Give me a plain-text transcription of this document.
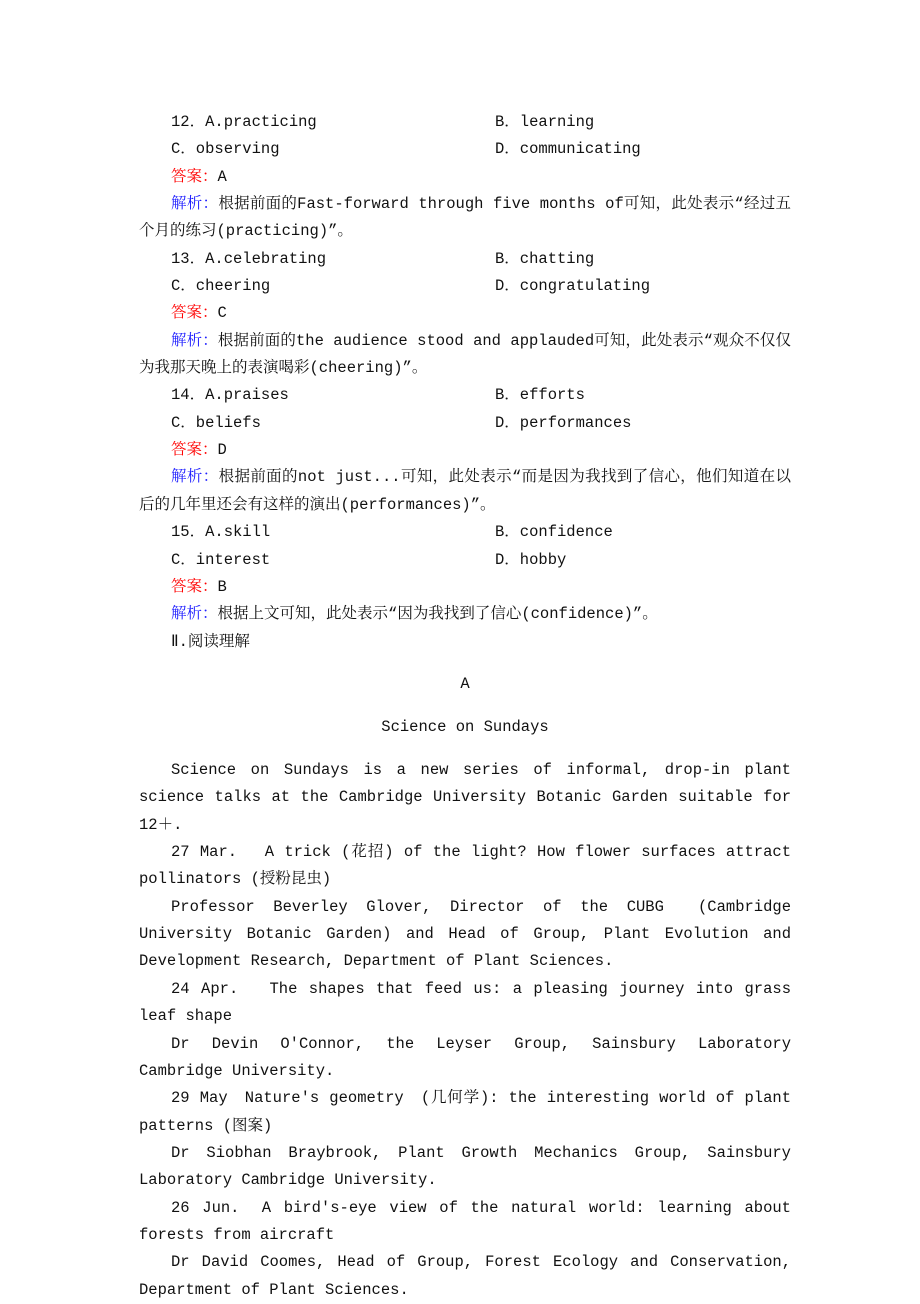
12．A.practicing	B．learning
C．observing	D．communicating

答案：A

解析：根据前面的Fast-forward through five months of可知，此处表示“经过五个月的练习(practicing)”。

13．A.celebrating	B．chatting
C．cheering	D．congratulating

答案：C

解析：根据前面的the audience stood and applauded可知，此处表示“观众不仅仅为我那天晚上的表演喝彩(cheering)”。

14．A.praises	B．efforts
C．beliefs	D．performances

答案：D

解析：根据前面的not just...可知，此处表示“而是因为我找到了信心，他们知道在以后的几年里还会有这样的演出(performances)”。

15．A.skill	B．confidence
C．interest	D．hobby

答案：B

解析：根据上文可知，此处表示“因为我找到了信心(confidence)”。

Ⅱ.阅读理解

A

Science on Sundays

Science on Sundays is a new series of informal, drop-in plant science talks at the Cambridge University Botanic Garden suitable for 12＋.

27 Mar.　 A trick (花招) of the light? How flower surfaces attract pollinators (授粉昆虫)

Professor Beverley Glover, Director of the CUBG　(Cambridge University Botanic Garden) and Head of Group, Plant Evolution and Development Research, Department of Plant Sciences.

24 Apr.　 The shapes that feed us: a pleasing journey into grass leaf shape

Dr Devin O'Connor, the Leyser Group, Sainsbury Laboratory Cambridge University.

29 May　Nature's geometry　(几何学): the interesting world of plant patterns (图案)

Dr Siobhan Braybrook, Plant Growth Mechanics Group, Sainsbury Laboratory Cambridge University.

26 Jun.　A bird's-eye view of the natural world: learning about forests from aircraft

Dr David Coomes, Head of Group, Forest Ecology and Conservation, Department of Plant Sciences.
